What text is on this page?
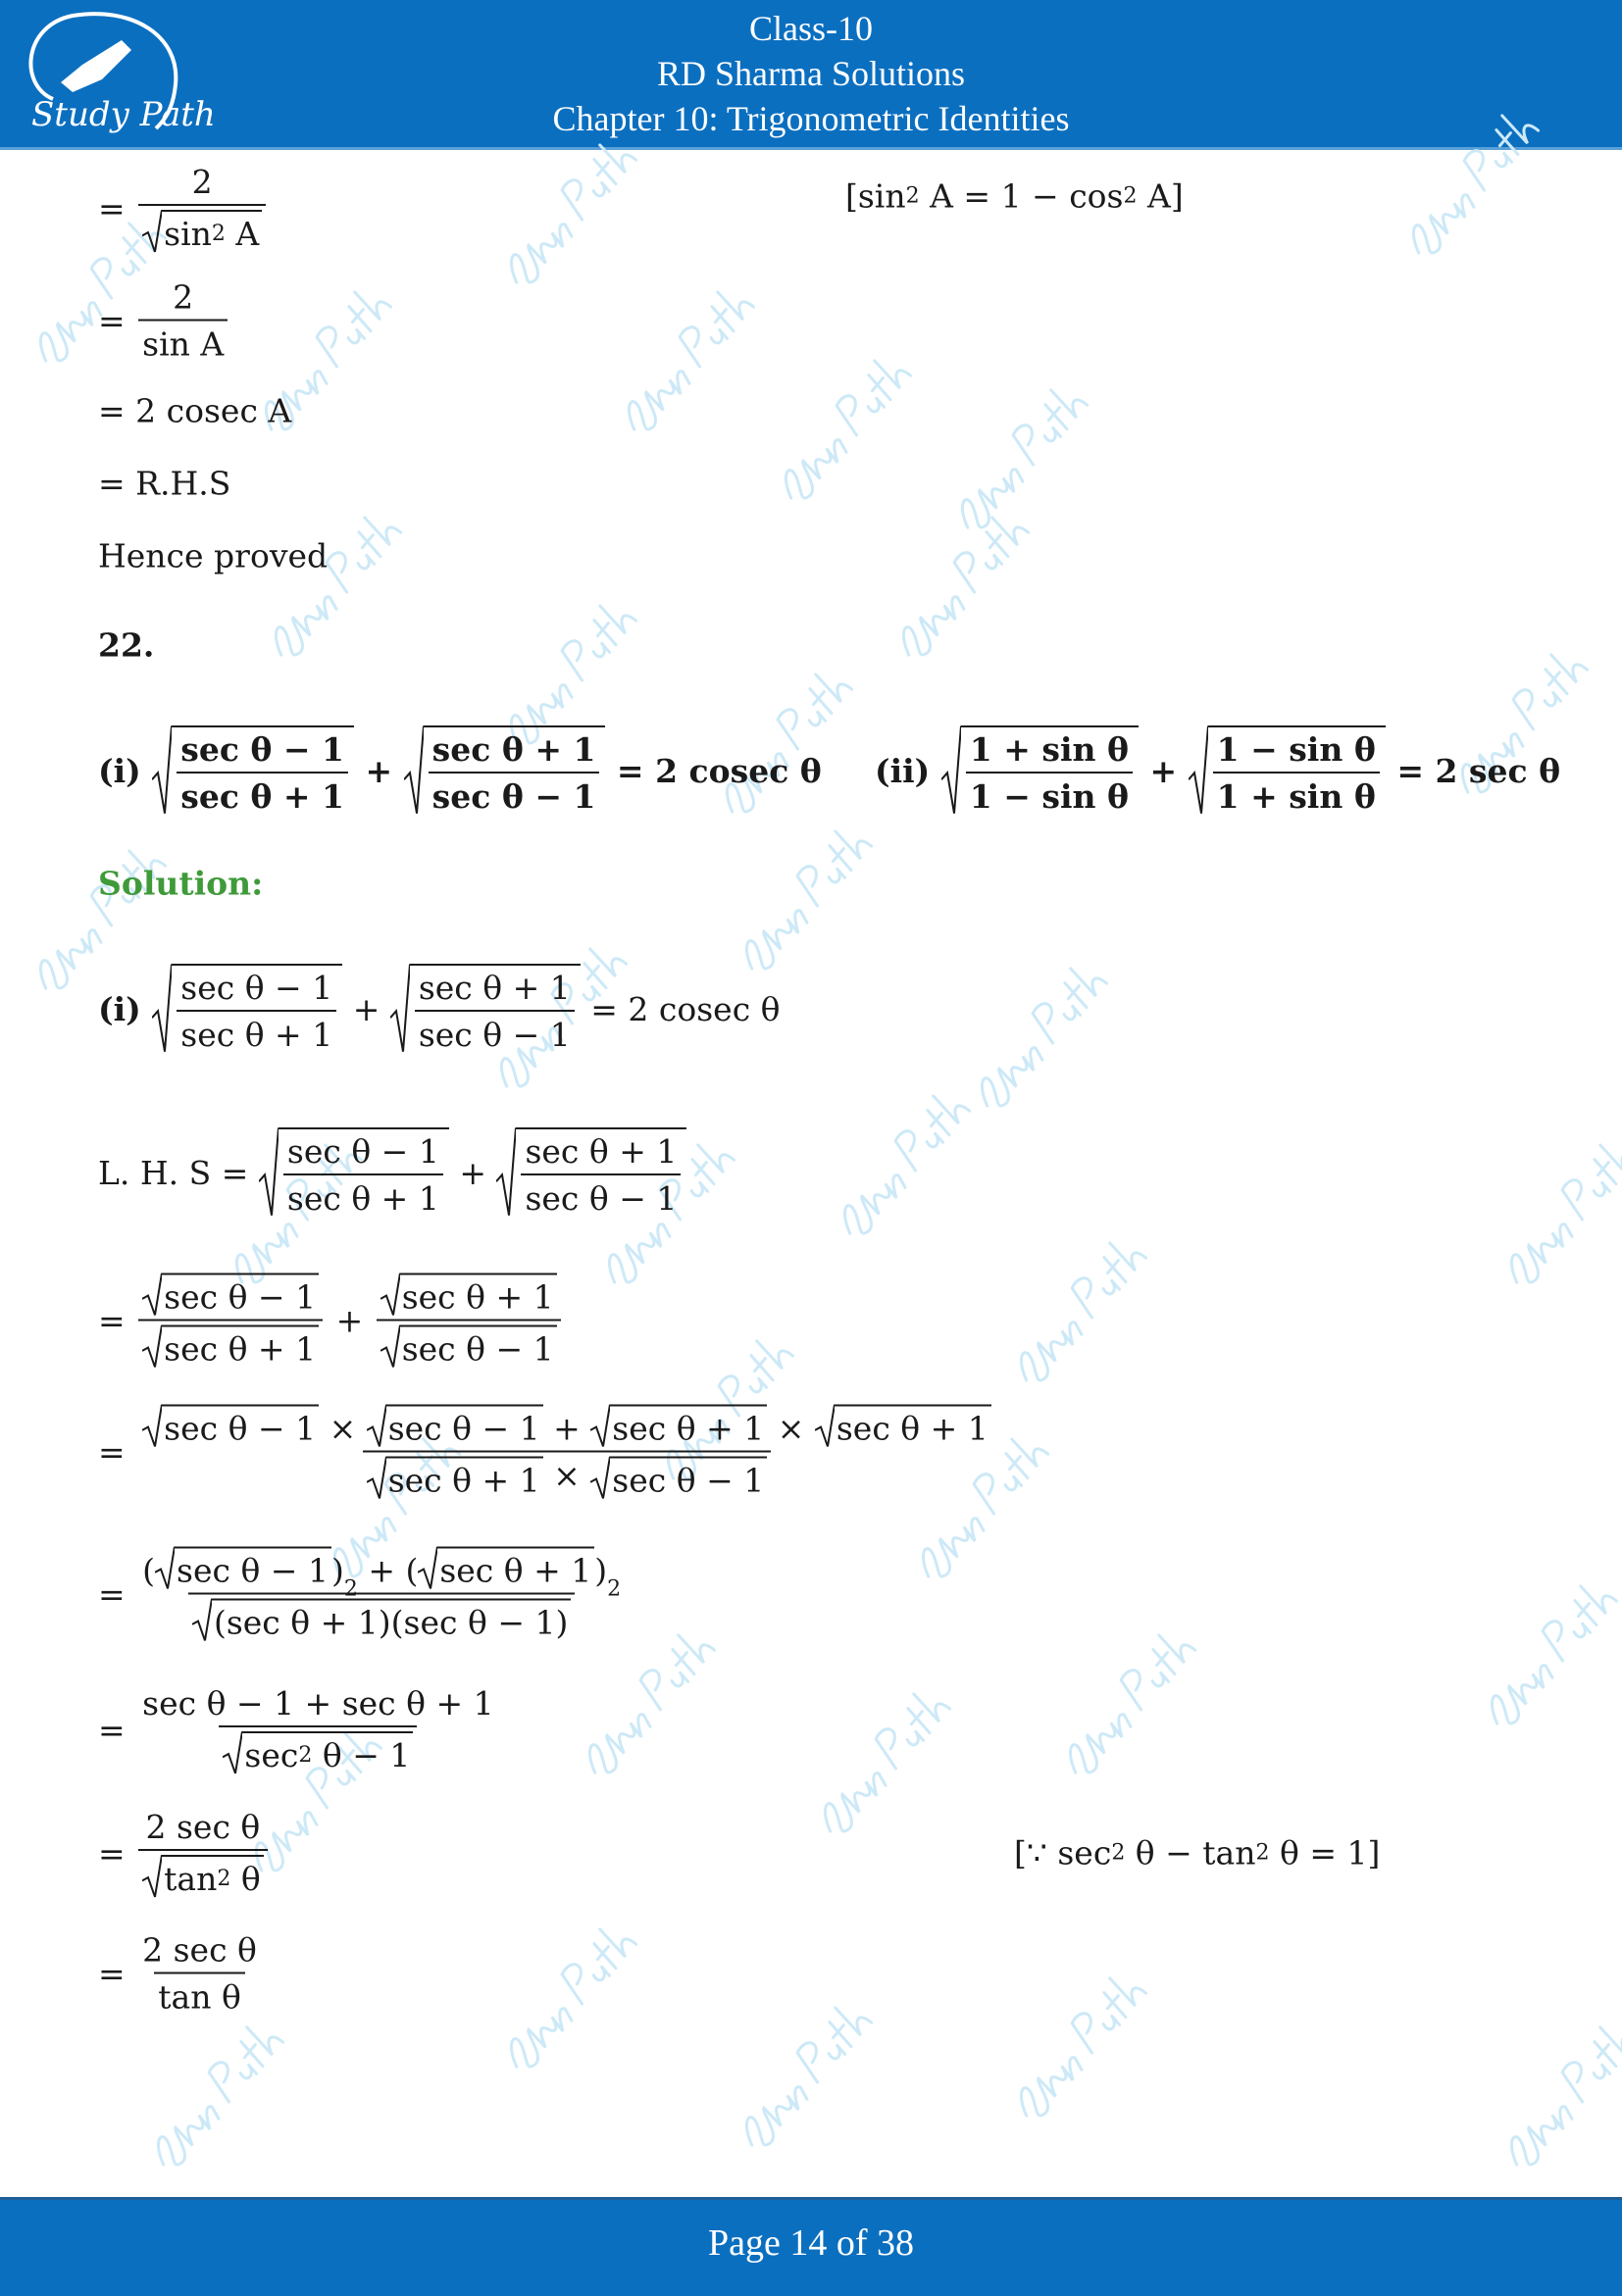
Study Path
Class-10
RD Sharma Solutions
Chapter 10: Trigonometric Identities
= $\frac{2}{\sin 2 A}$	[sin 2 A = 1 − cos 2 A]
= $\frac{2}{\text{sin A}}$
= 2 cosec A
= R.H.S
Hence proved
22.
$(i) \frac{\text{sec θ − 1}}{\text{sec θ + 1}} + \frac{\text{sec θ + 1}}{\text{sec θ − 1}} = 2$ cosec θ $(ii) \frac{\text{1 + sin θ}}{\text{1 − sin θ}} + \frac{\text{1 − sin θ}}{\text{1 + sin θ}} = 2$ sec θ
Solution:
$(i) \frac{\text{sec θ − 1}}{\text{sec θ + 1}} + \frac{\text{sec θ + 1}}{\text{sec θ − 1}} = 2$ cosec θ
L. H. $S = \frac{\text{sec θ − 1}}{\text{sec θ + 1}} + \frac{\text{sec θ + 1}}{\text{sec θ − 1}}$
= $\frac{\text{sec θ − 1}}{\text{sec θ + 1}} + \frac{\text{sec θ + 1}}{\text{sec θ − 1}}$
= $\frac{\text{sec θ − 1 × sec θ − 1 + sec θ + 1 × sec θ + 1}}{\text{sec θ + 1 × sec θ − 1}}$
= $\frac{\text{( sec θ − 1 ) 2 + ( sec θ + 1 ) 2}}{\text{(sec θ + 1)(sec θ − 1)}}$
= $\frac{\text{sec θ − 1 + sec θ + 1}}{\sec 2 \theta - 1}$
= $\frac{\text{2 sec θ}}{\tan 2 \theta}$	[∵ sec 2 θ − tan 2 θ = 1]
= $\frac{\text{2 sec θ}}{\text{tan θ}}$
Page 14 of 38
